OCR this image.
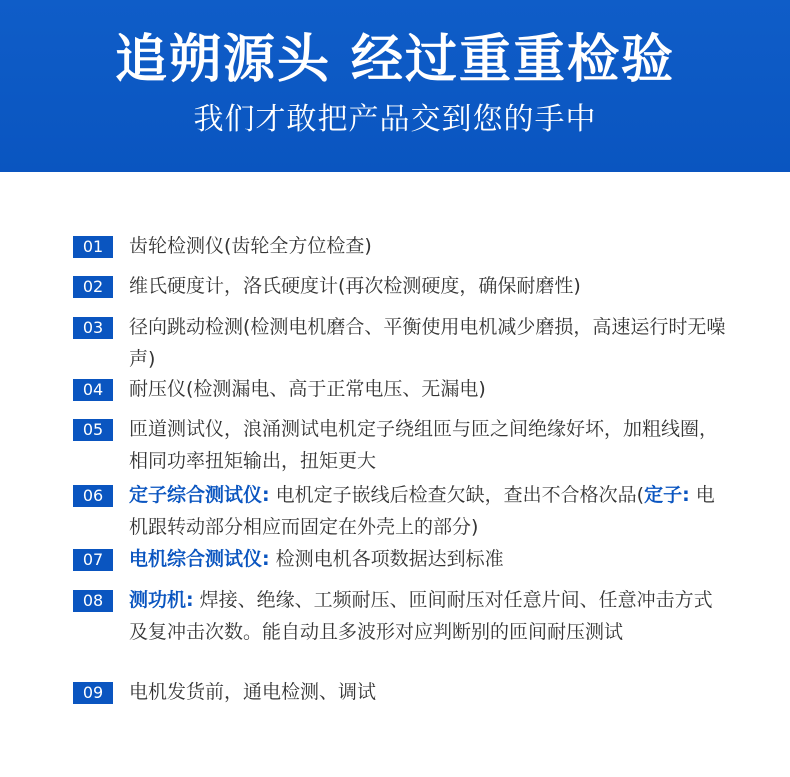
追朔源头 经过重重检验
我们才敢把产品交到您的手中
01	齿轮检测仪(齿轮全方位检查)
02	维氏硬度计，洛氏硬度计(再次检测硬度，确保耐磨性)
03	径向跳动检测(检测电机磨合、平衡使用电机减少磨损，高速运行时无噪声)
04	耐压仪(检测漏电、高于正常电压、无漏电)
05	匝道测试仪，浪涌测试电机定子绕组匝与匝之间绝缘好坏，加粗线圈，相同功率扭矩输出，扭矩更大
06	定子综合测试仪: 电机定子嵌线后检查欠缺，查出不合格次品(定子: 电机跟转动部分相应而固定在外壳上的部分)
07	电机综合测试仪: 检测电机各项数据达到标准
08	测功机: 焊接、绝缘、工频耐压、匝间耐压对任意片间、任意冲击方式及复冲击次数。能自动且多波形对应判断别的匝间耐压测试
09	电机发货前，通电检测、调试
